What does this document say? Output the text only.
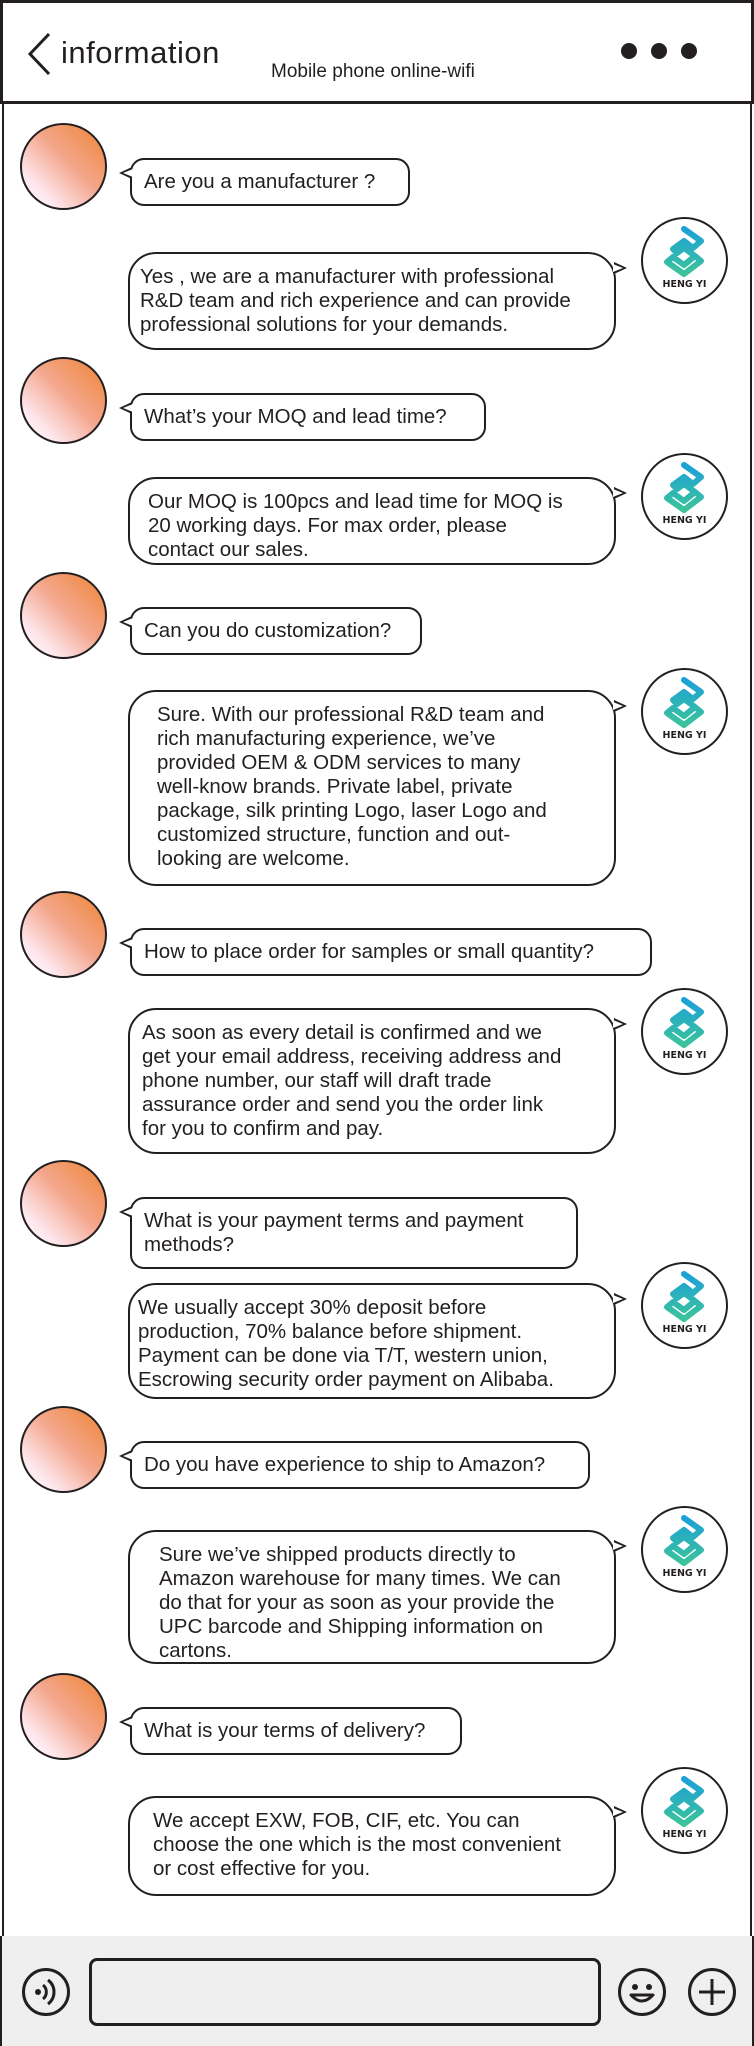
information
Mobile phone online-wifi
Are you a manufacturer ?
Yes , we are a manufacturer with professional
R&D team and rich experience and can provide
professional solutions for your demands.
HENG YI
What’s your MOQ and lead time?
Our MOQ is 100pcs and lead time for MOQ is
20 working days. For max order, please
contact our sales.
HENG YI
Can you do customization?
Sure. With our professional R&D team and
rich manufacturing experience, we’ve
provided OEM & ODM services to many
well-know brands. Private label, private
package, silk printing Logo, laser Logo and
customized structure, function and out-
looking are welcome.
HENG YI
How to place order for samples or small quantity?
As soon as every detail is confirmed and we
get your email address, receiving address and
phone number, our staff will draft trade
assurance order and send you the order link
for you to confirm and pay.
HENG YI
What is your payment terms and payment
methods?
We usually accept 30% deposit before
production, 70% balance before shipment.
Payment can be done via T/T, western union,
Escrowing security order payment on Alibaba.
HENG YI
Do you have experience to ship to Amazon?
Sure we’ve shipped products directly to
Amazon warehouse for many times. We can
do that for your as soon as your provide the
UPC barcode and Shipping information on
cartons.
HENG YI
What is your terms of delivery?
We accept EXW, FOB, CIF, etc. You can
choose the one which is the most convenient
or cost effective for you.
HENG YI
